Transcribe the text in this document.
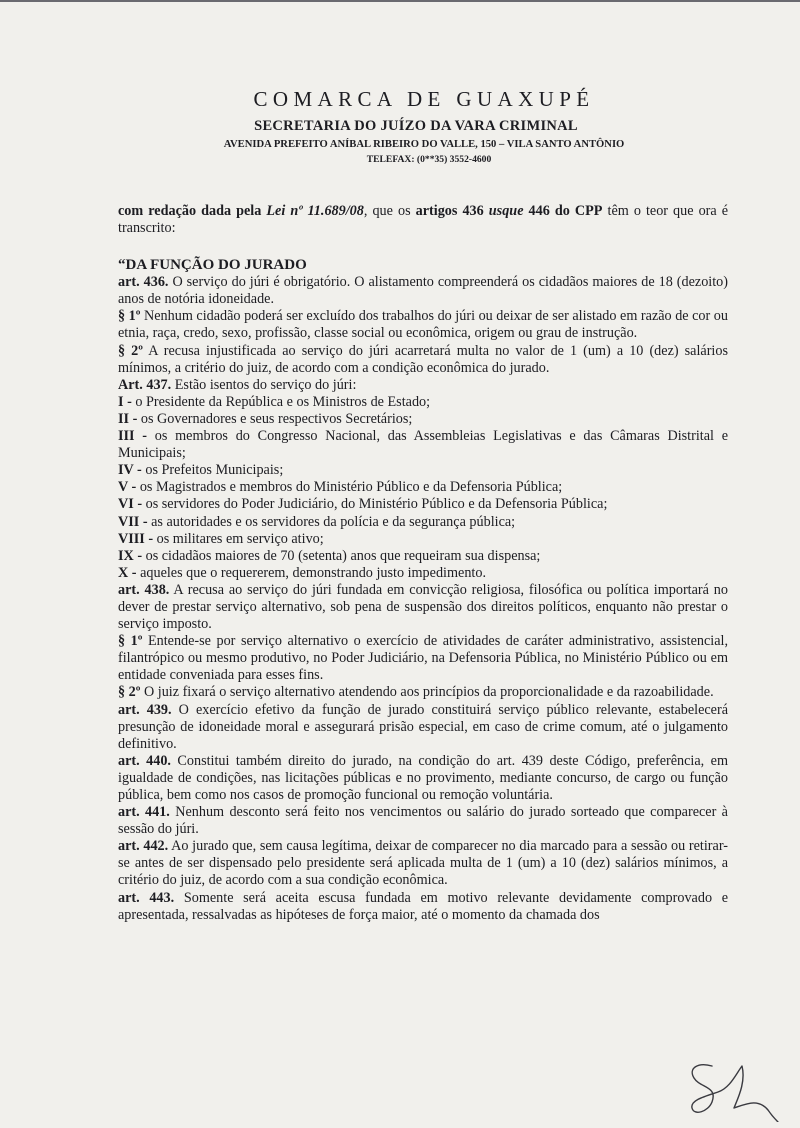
COMARCA DE GUAXUPÉ

SECRETARIA DO JUÍZO DA VARA CRIMINAL

AVENIDA PREFEITO ANÍBAL RIBEIRO DO VALLE, 150 – VILA SANTO ANTÔNIO

TELEFAX: (0**35) 3552-4600

com redação dada pela Lei nº 11.689/08, que os artigos 436 usque 446 do CPP têm o teor que ora é transcrito:

“DA FUNÇÃO DO JURADO

art. 436. O serviço do júri é obrigatório. O alistamento compreenderá os cidadãos maiores de 18 (dezoito) anos de notória idoneidade.

§ 1º Nenhum cidadão poderá ser excluído dos trabalhos do júri ou deixar de ser alistado em razão de cor ou etnia, raça, credo, sexo, profissão, classe social ou econômica, origem ou grau de instrução.

§ 2º A recusa injustificada ao serviço do júri acarretará multa no valor de 1 (um) a 10 (dez) salários mínimos, a critério do juiz, de acordo com a condição econômica do jurado.

Art. 437. Estão isentos do serviço do júri:

I - o Presidente da República e os Ministros de Estado;

II - os Governadores e seus respectivos Secretários;

III - os membros do Congresso Nacional, das Assembleias Legislativas e das Câmaras Distrital e Municipais;

IV - os Prefeitos Municipais;

V - os Magistrados e membros do Ministério Público e da Defensoria Pública;

VI - os servidores do Poder Judiciário, do Ministério Público e da Defensoria Pública;

VII - as autoridades e os servidores da polícia e da segurança pública;

VIII - os militares em serviço ativo;

IX - os cidadãos maiores de 70 (setenta) anos que requeiram sua dispensa;

X - aqueles que o requererem, demonstrando justo impedimento.

art. 438. A recusa ao serviço do júri fundada em convicção religiosa, filosófica ou política importará no dever de prestar serviço alternativo, sob pena de suspensão dos direitos políticos, enquanto não prestar o serviço imposto.

§ 1º Entende-se por serviço alternativo o exercício de atividades de caráter administrativo, assistencial, filantrópico ou mesmo produtivo, no Poder Judiciário, na Defensoria Pública, no Ministério Público ou em entidade conveniada para esses fins.

§ 2º O juiz fixará o serviço alternativo atendendo aos princípios da proporcionalidade e da razoabilidade.

art. 439. O exercício efetivo da função de jurado constituirá serviço público relevante, estabelecerá presunção de idoneidade moral e assegurará prisão especial, em caso de crime comum, até o julgamento definitivo.

art. 440. Constitui também direito do jurado, na condição do art. 439 deste Código, preferência, em igualdade de condições, nas licitações públicas e no provimento, mediante concurso, de cargo ou função pública, bem como nos casos de promoção funcional ou remoção voluntária.

art. 441. Nenhum desconto será feito nos vencimentos ou salário do jurado sorteado que comparecer à sessão do júri.

art. 442. Ao jurado que, sem causa legítima, deixar de comparecer no dia marcado para a sessão ou retirar-se antes de ser dispensado pelo presidente será aplicada multa de 1 (um) a 10 (dez) salários mínimos, a critério do juiz, de acordo com a sua condição econômica.

art. 443. Somente será aceita escusa fundada em motivo relevante devidamente comprovado e apresentada, ressalvadas as hipóteses de força maior, até o momento da chamada dos
